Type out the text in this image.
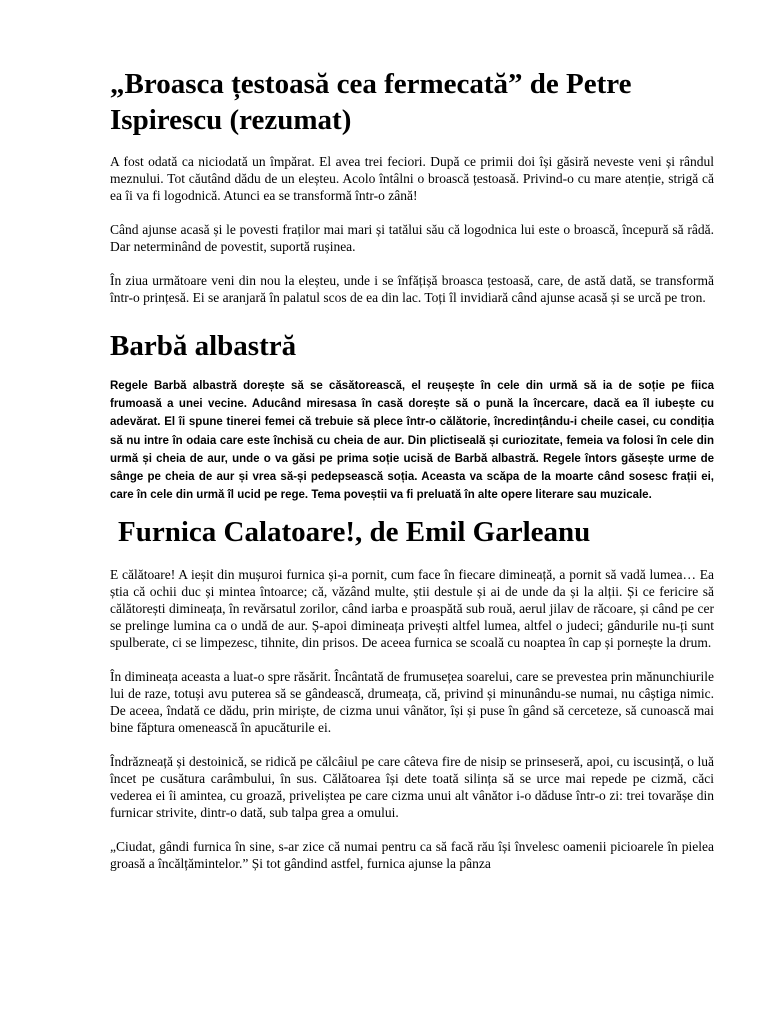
„Broasca țestoasă cea fermecată” de Petre Ispirescu (rezumat)

A fost odată ca niciodată un împărat. El avea trei feciori. După ce primii doi își găsiră neveste veni și rândul meznului. Tot căutând dădu de un eleșteu. Acolo întâlni o broască țestoasă. Privind-o cu mare atenție, strigă că ea îi va fi logodnică. Atunci ea se transformă într-o zână!

Când ajunse acasă și le povesti fraților mai mari și tatălui său că logodnica lui este o broască, începură să râdă. Dar neterminând de povestit, suportă rușinea.

În ziua următoare veni din nou la eleșteu, unde i se înfățișă broasca țestoasă, care, de astă dată, se transformă într-o prințesă. Ei se aranjară în palatul scos de ea din lac. Toți îl invidiară când ajunse acasă și se urcă pe tron.

Barbă albastră

Regele Barbă albastră dorește să se căsătorească, el reușește în cele din urmă să ia de soție pe fiica frumoasă a unei vecine. Aducând miresasa în casă dorește să o pună la încercare, dacă ea îl iubește cu adevărat. El îi spune tinerei femei că trebuie să plece într-o călătorie, încredințându-i cheile casei, cu condiția să nu intre în odaia care este închisă cu cheia de aur. Din plictiseală și curiozitate, femeia va folosi în cele din urmă și cheia de aur, unde o va găsi pe prima soție ucisă de Barbă albastră. Regele întors găsește urme de sânge pe cheia de aur și vrea să-și pedepsească soția. Aceasta va scăpa de la moarte când sosesc frații ei, care în cele din urmă îl ucid pe rege. Tema poveștii va fi preluată în alte opere literare sau muzicale.

Furnica Calatoare!, de Emil Garleanu

E călătoare! A ieșit din mușuroi furnica și-a pornit, cum face în fiecare dimineață, a pornit să vadă lumea… Ea știa că ochii duc și mintea întoarce; că, văzând multe, știi destule și ai de unde da și la alții. Și ce fericire să călătorești dimineața, în revărsatul zorilor, când iarba e proaspătă sub rouă, aerul jilav de răcoare, și când pe cer se prelinge lumina ca o undă de aur. Ș-apoi dimineața privești altfel lumea, altfel o judeci; gândurile nu-ți sunt spulberate, ci se limpezesc, tihnite, din prisos. De aceea furnica se scoală cu noaptea în cap și pornește la drum.

În dimineața aceasta a luat-o spre răsărit. Încântată de frumusețea soarelui, care se prevestea prin mănunchiurile lui de raze, totuși avu puterea să se gândească, drumeața, că, privind și minunându-se numai, nu câștiga nimic. De aceea, îndată ce dădu, prin miriște, de cizma unui vânător, își și puse în gând să cerceteze, să cunoască mai bine făptura omenească în apucăturile ei.

Îndrăzneață și destoinică, se ridică pe călcâiul pe care câteva fire de nisip se prinseseră, apoi, cu iscusință, o luă încet pe cusătura carâmbului, în sus. Călătoarea își dete toată silința să se urce mai repede pe cizmă, căci vederea ei îi amintea, cu groază, priveliștea pe care cizma unui alt vânător i-o dăduse într-o zi: trei tovarășe din furnicar strivite, dintr-o dată, sub talpa grea a omului.

„Ciudat, gândi furnica în sine, s-ar zice că numai pentru ca să facă rău își învelesc oamenii picioarele în pielea groasă a încălțămintelor.” Și tot gândind astfel, furnica ajunse la pânza
